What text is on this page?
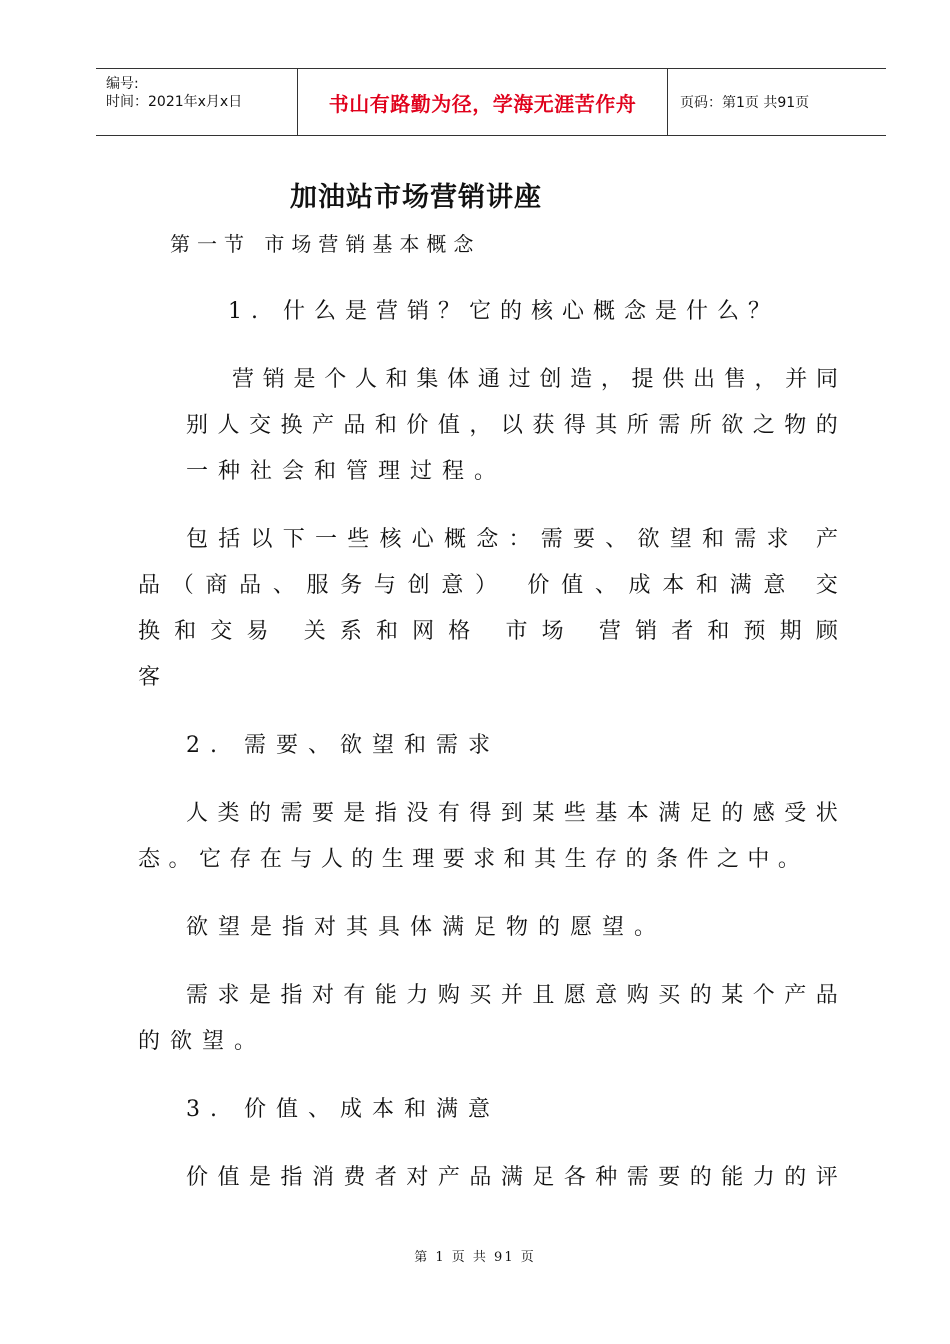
编号:
时间：2021年x月x日	书山有路勤为径，学海无涯苦作舟	页码：第1页 共91页
加油站市场营销讲座
第一节 市场营销基本概念
1. 什么是营销？它的核心概念是什么？
营 销 是 个 人 和 集 体 通 过 创 造 ， 提 供 出 售 ， 并 同
别 人 交 换 产 品 和 价 值 ， 以 获 得 其 所 需 所 欲 之 物 的
一种社会和管理过程。
包 括 以 下 一 些 核 心 概 念 ： 需 要 、 欲 望 和 需 求
产
品 （ 商 品 、 服 务 与 创 意 ）
价 值 、 成 本 和 满 意
交
换 和 交 易
关 系 和 网 格
市 场
营 销 者 和 预 期 顾
客
2. 需要、欲望和需求
人 类 的 需 要 是 指 没 有 得 到 某 些 基 本 满 足 的 感 受 状
态 。 它 存 在 与 人 的 生 理 要 求 和 其 生 存 的 条 件 之 中 。
欲望是指对其具体满足物的愿望。
需 求 是 指 对 有 能 力 购 买 并 且 愿 意 购 买 的 某 个 产 品
的欲望。
3. 价值、成本和满意
价 值 是 指 消 费 者 对 产 品 满 足 各 种 需 要 的 能 力 的 评
第 1 页 共 91 页
